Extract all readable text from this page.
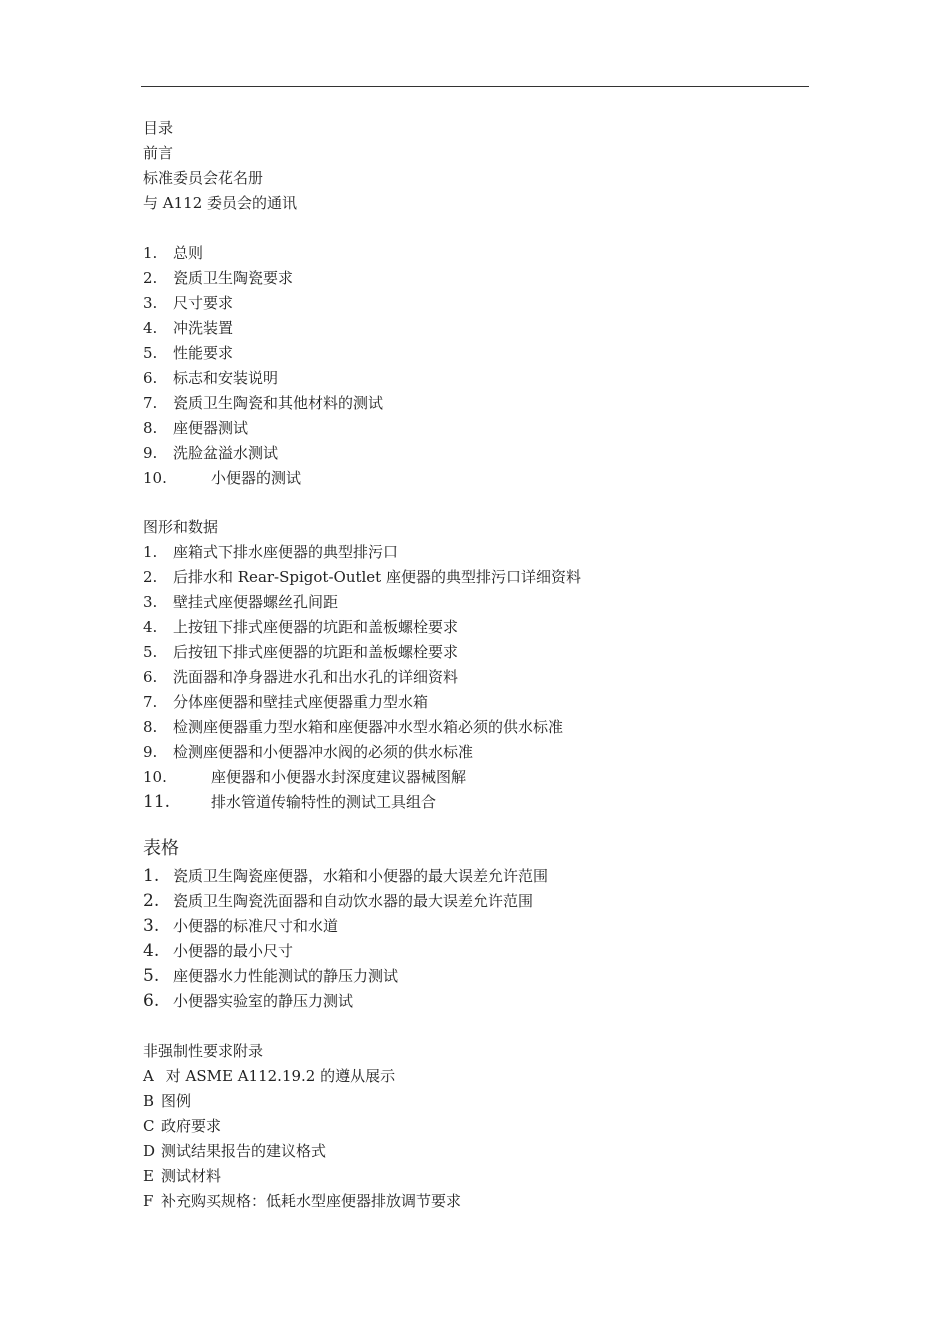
目录
前言
标准委员会花名册
与 A112 委员会的通讯
1. 总则
2. 瓷质卫生陶瓷要求
3. 尺寸要求
4. 冲洗装置
5. 性能要求
6. 标志和安装说明
7. 瓷质卫生陶瓷和其他材料的测试
8. 座便器测试
9. 洗脸盆溢水测试
10.	小便器的测试
图形和数据
1. 座箱式下排水座便器的典型排污口
2. 后排水和 Rear-Spigot-Outlet 座便器的典型排污口详细资料
3. 壁挂式座便器螺丝孔间距
4. 上按钮下排式座便器的坑距和盖板螺栓要求
5. 后按钮下排式座便器的坑距和盖板螺栓要求
6. 洗面器和净身器进水孔和出水孔的详细资料
7. 分体座便器和壁挂式座便器重力型水箱
8. 检测座便器重力型水箱和座便器冲水型水箱必须的供水标准
9. 检测座便器和小便器冲水阀的必须的供水标准
10.	座便器和小便器水封深度建议器械图解
11.	排水管道传输特性的测试工具组合
表格
1. 瓷质卫生陶瓷座便器，水箱和小便器的最大误差允许范围
2. 瓷质卫生陶瓷洗面器和自动饮水器的最大误差允许范围
3. 小便器的标准尺寸和水道
4. 小便器的最小尺寸
5. 座便器水力性能测试的静压力测试
6. 小便器实验室的静压力测试
非强制性要求附录
A 对 ASME A112.19.2 的遵从展示
B 图例
C 政府要求
D 测试结果报告的建议格式
E 测试材料
F 补充购买规格：低耗水型座便器排放调节要求
